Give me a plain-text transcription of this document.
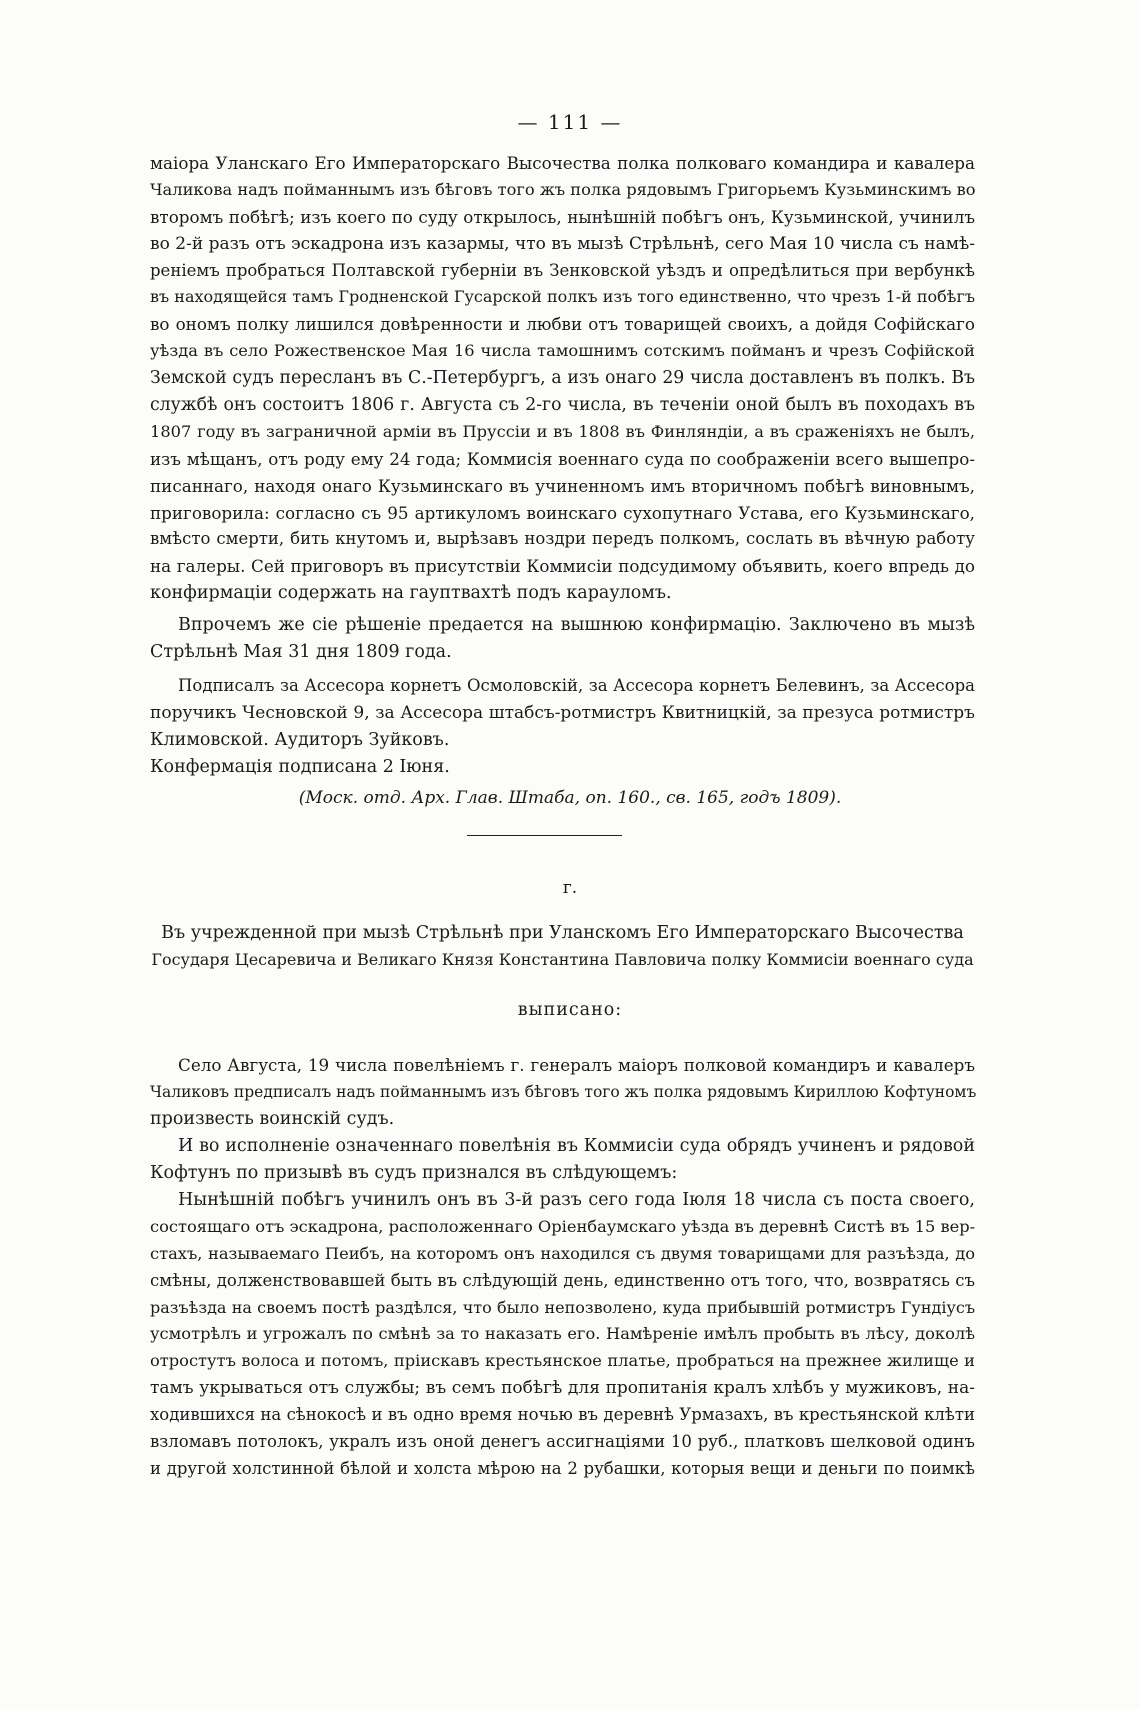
— 111 —
маіора Уланскаго Его Императорскаго Высочества полка полковаго командира и кавалера
Чаликова надъ пойманнымъ изъ бѣговъ того жъ полка рядовымъ Григорьемъ Кузьминскимъ во
второмъ побѣгѣ; изъ коего по суду открылось, нынѣшній побѣгъ онъ, Кузьминской, учинилъ
во 2-й разъ отъ эскадрона изъ казармы, что въ мызѣ Стрѣльнѣ, сего Мая 10 числа съ намѣ-
реніемъ пробраться Полтавской губерніи въ Зенковской уѣздъ и опредѣлиться при вербункѣ
въ находящейся тамъ Гродненской Гусарской полкъ изъ того единственно, что чрезъ 1-й побѣгъ
во ономъ полку лишился довѣренности и любви отъ товарищей своихъ, а дойдя Софійскаго
уѣзда въ село Рожественское Мая 16 числа тамошнимъ сотскимъ пойманъ и чрезъ Софійской
Земской судъ пересланъ въ С.-Петербургъ, а изъ онаго 29 числа доставленъ въ полкъ. Въ
службѣ онъ состоитъ 1806 г. Августа съ 2-го числа, въ теченіи оной былъ въ походахъ въ
1807 году въ заграничной арміи въ Пруссіи и въ 1808 въ Финляндіи, а въ сраженіяхъ не былъ,
изъ мѣщанъ, отъ роду ему 24 года; Коммисія военнаго суда по соображеніи всего вышепро-
писаннаго, находя онаго Кузьминскаго въ учиненномъ имъ вторичномъ побѣгѣ виновнымъ,
приговорила: согласно съ 95 артикуломъ воинскаго сухопутнаго Устава, его Кузьминскаго,
вмѣсто смерти, бить кнутомъ и, вырѣзавъ ноздри передъ полкомъ, сослать въ вѣчную работу
на галеры. Сей приговоръ въ присутствіи Коммисіи подсудимому объявить, коего впредь до
конфирмаціи содержать на гауптвахтѣ подъ карауломъ.
Впрочемъ же сіе рѣшеніе предается на вышнюю конфирмацію. Заключено въ мызѣ
Стрѣльнѣ Мая 31 дня 1809 года.
Подписалъ за Ассесора корнетъ Осмоловскій, за Ассесора корнетъ Белевинъ, за Ассесора
поручикъ Чесновской 9, за Ассесора штабсъ-ротмистръ Квитницкій, за презуса ротмистръ
Климовской. Аудиторъ Зуйковъ.
Конфермація подписана 2 Іюня.
(Моск. отд. Арх. Глав. Штаба, оп. 160., св. 165, годъ 1809).
г.
Въ учрежденной при мызѣ Стрѣльнѣ при Уланскомъ Его Императорскаго Высочества
Государя Цесаревича и Великаго Князя Константина Павловича полку Коммисіи военнаго суда
выписано:
Село Августа, 19 числа повелѣніемъ г. генералъ маіоръ полковой командиръ и кавалеръ
Чаликовъ предписалъ надъ пойманнымъ изъ бѣговъ того жъ полка рядовымъ Кириллою Кофтуномъ
произвесть воинскій судъ.
И во исполненіе означеннаго повелѣнія въ Коммисіи суда обрядъ учиненъ и рядовой
Кофтунъ по призывѣ въ судъ признался въ слѣдующемъ:
Нынѣшній побѣгъ учинилъ онъ въ 3-й разъ сего года Іюля 18 числа съ поста своего,
состоящаго отъ эскадрона, расположеннаго Оріенбаумскаго уѣзда въ деревнѣ Систѣ въ 15 вер-
стахъ, называемаго Пеибъ, на которомъ онъ находился съ двумя товарищами для разъѣзда, до
смѣны, долженствовавшей быть въ слѣдующій день, единственно отъ того, что, возвратясь съ
разъѣзда на своемъ постѣ раздѣлся, что было непозволено, куда прибывшій ротмистръ Гундіусъ
усмотрѣлъ и угрожалъ по смѣнѣ за то наказать его. Намѣреніе имѣлъ пробыть въ лѣсу, доколѣ
отростутъ волоса и потомъ, пріискавъ крестьянское платье, пробраться на прежнее жилище и
тамъ укрываться отъ службы; въ семъ побѣгѣ для пропитанія кралъ хлѣбъ у мужиковъ, на-
ходившихся на сѣнокосѣ и въ одно время ночью въ деревнѣ Урмазахъ, въ крестьянской клѣти
взломавъ потолокъ, укралъ изъ оной денегъ ассигнаціями 10 руб., платковъ шелковой одинъ
и другой холстинной бѣлой и холста мѣрою на 2 рубашки, которыя вещи и деньги по поимкѣ
